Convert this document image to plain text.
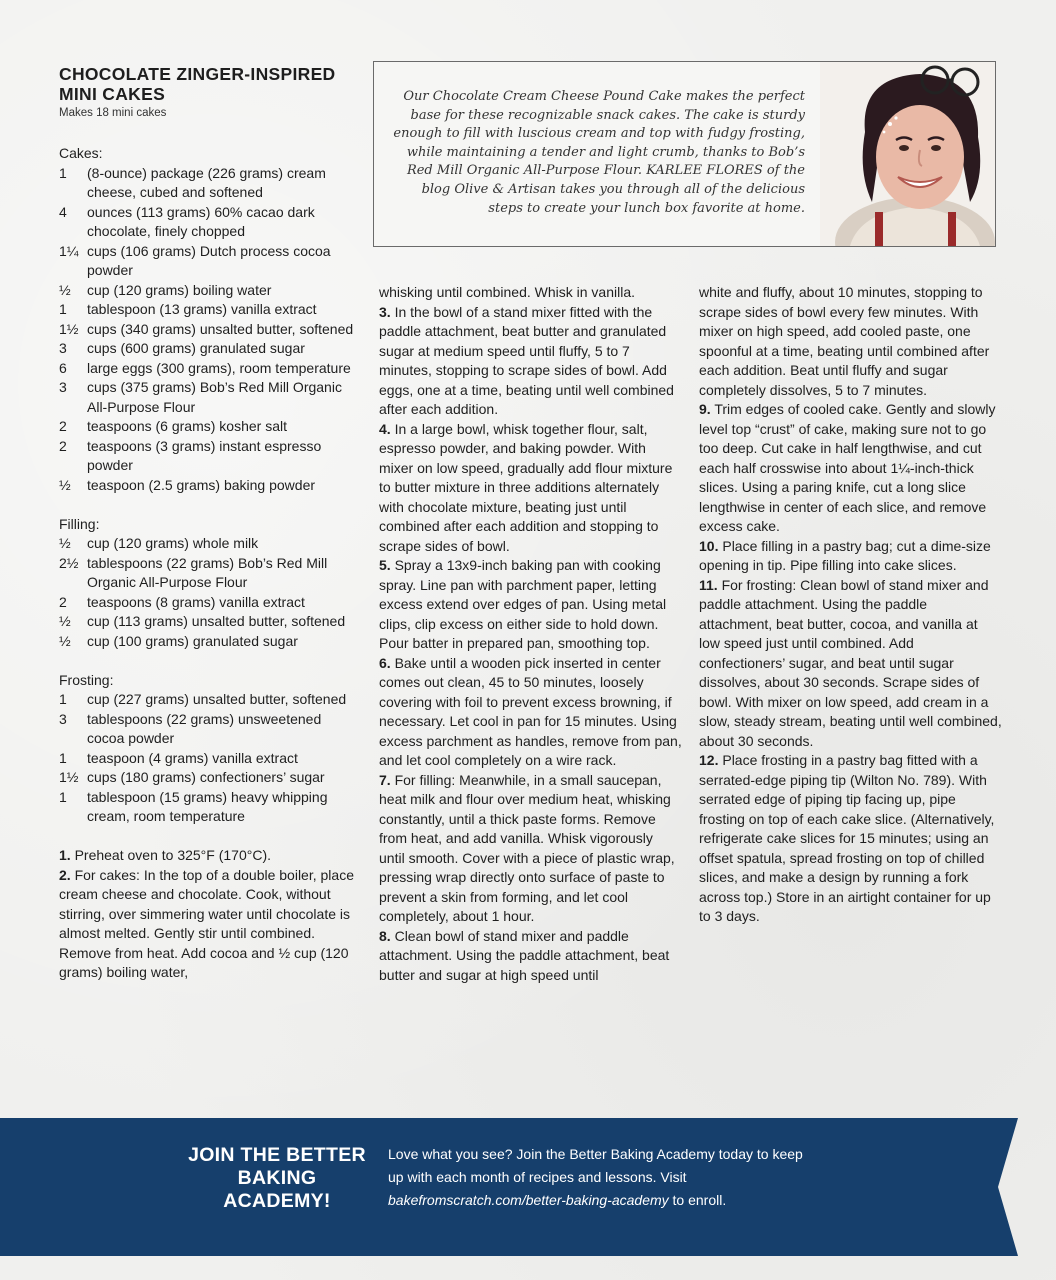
CHOCOLATE ZINGER-INSPIRED MINI CAKES
Makes 18 mini cakes

Our Chocolate Cream Cheese Pound Cake makes the perfect base for these recognizable snack cakes. The cake is sturdy enough to fill with luscious cream and top with fudgy frosting, while maintaining a tender and light crumb, thanks to Bob’s Red Mill Organic All-Purpose Flour. KARLEE FLORES of the blog Olive & Artisan takes you through all of the delicious steps to create your lunch box favorite at home.

Cakes:

1	(8-ounce) package (226 grams) cream cheese, cubed and softened
4	ounces (113 grams) 60% cacao dark chocolate, finely chopped
1¼ cups (106 grams) Dutch process cocoa powder
½	cup (120 grams) boiling water
1	tablespoon (13 grams) vanilla extract
1½ cups (340 grams) unsalted butter, softened
3	cups (600 grams) granulated sugar
6	large eggs (300 grams), room temperature
3	cups (375 grams) Bob’s Red Mill Organic All-Purpose Flour
2	teaspoons (6 grams) kosher salt
2	teaspoons (3 grams) instant espresso powder
½	teaspoon (2.5 grams) baking powder

Filling:

½	cup (120 grams) whole milk
2½ tablespoons (22 grams) Bob’s Red Mill Organic All-Purpose Flour
2	teaspoons (8 grams) vanilla extract
½	cup (113 grams) unsalted butter, softened
½	cup (100 grams) granulated sugar

Frosting:

1	cup (227 grams) unsalted butter, softened
3	tablespoons (22 grams) unsweetened cocoa powder
1	teaspoon (4 grams) vanilla extract
1½ cups (180 grams) confectioners’ sugar
1	tablespoon (15 grams) heavy whipping cream, room temperature

1. Preheat oven to 325°F (170°C).

2. For cakes: In the top of a double boiler, place cream cheese and chocolate. Cook, without stirring, over simmering water until chocolate is almost melted. Gently stir until combined. Remove from heat. Add cocoa and ½ cup (120 grams) boiling water,

whisking until combined. Whisk in vanilla.

3. In the bowl of a stand mixer fitted with the paddle attachment, beat butter and granulated sugar at medium speed until fluffy, 5 to 7 minutes, stopping to scrape sides of bowl. Add eggs, one at a time, beating until well combined after each addition.

4. In a large bowl, whisk together flour, salt, espresso powder, and baking powder. With mixer on low speed, gradually add flour mixture to butter mixture in three additions alternately with chocolate mixture, beating just until combined after each addition and stopping to scrape sides of bowl.

5. Spray a 13x9-inch baking pan with cooking spray. Line pan with parchment paper, letting excess extend over edges of pan. Using metal clips, clip excess on either side to hold down. Pour batter in prepared pan, smoothing top.

6. Bake until a wooden pick inserted in center comes out clean, 45 to 50 minutes, loosely covering with foil to prevent excess browning, if necessary. Let cool in pan for 15 minutes. Using excess parchment as handles, remove from pan, and let cool completely on a wire rack.

7. For filling: Meanwhile, in a small saucepan, heat milk and flour over medium heat, whisking constantly, until a thick paste forms. Remove from heat, and add vanilla. Whisk vigorously until smooth. Cover with a piece of plastic wrap, pressing wrap directly onto surface of paste to prevent a skin from forming, and let cool completely, about 1 hour.

8. Clean bowl of stand mixer and paddle attachment. Using the paddle attachment, beat butter and sugar at high speed until

white and fluffy, about 10 minutes, stopping to scrape sides of bowl every few minutes. With mixer on high speed, add cooled paste, one spoonful at a time, beating until combined after each addition. Beat until fluffy and sugar completely dissolves, 5 to 7 minutes.

9. Trim edges of cooled cake. Gently and slowly level top “crust” of cake, making sure not to go too deep. Cut cake in half lengthwise, and cut each half crosswise into about 1¼-inch-thick slices. Using a paring knife, cut a long slice lengthwise in center of each slice, and remove excess cake.

10. Place filling in a pastry bag; cut a dime-size opening in tip. Pipe filling into cake slices.

11. For frosting: Clean bowl of stand mixer and paddle attachment. Using the paddle attachment, beat butter, cocoa, and vanilla at low speed just until combined. Add confectioners’ sugar, and beat until sugar dissolves, about 30 seconds. Scrape sides of bowl. With mixer on low speed, add cream in a slow, steady stream, beating until well combined, about 30 seconds.

12. Place frosting in a pastry bag fitted with a serrated-edge piping tip (Wilton No. 789). With serrated edge of piping tip facing up, pipe frosting on top of each cake slice. (Alternatively, refrigerate cake slices for 15 minutes; using an offset spatula, spread frosting on top of chilled slices, and make a design by running a fork across top.) Store in an airtight container for up to 3 days.

JOIN THE BETTER BAKING ACADEMY!

Love what you see? Join the Better Baking Academy today to keep up with each month of recipes and lessons. Visit
bakefromscratch.com/better-baking-academy to enroll.
